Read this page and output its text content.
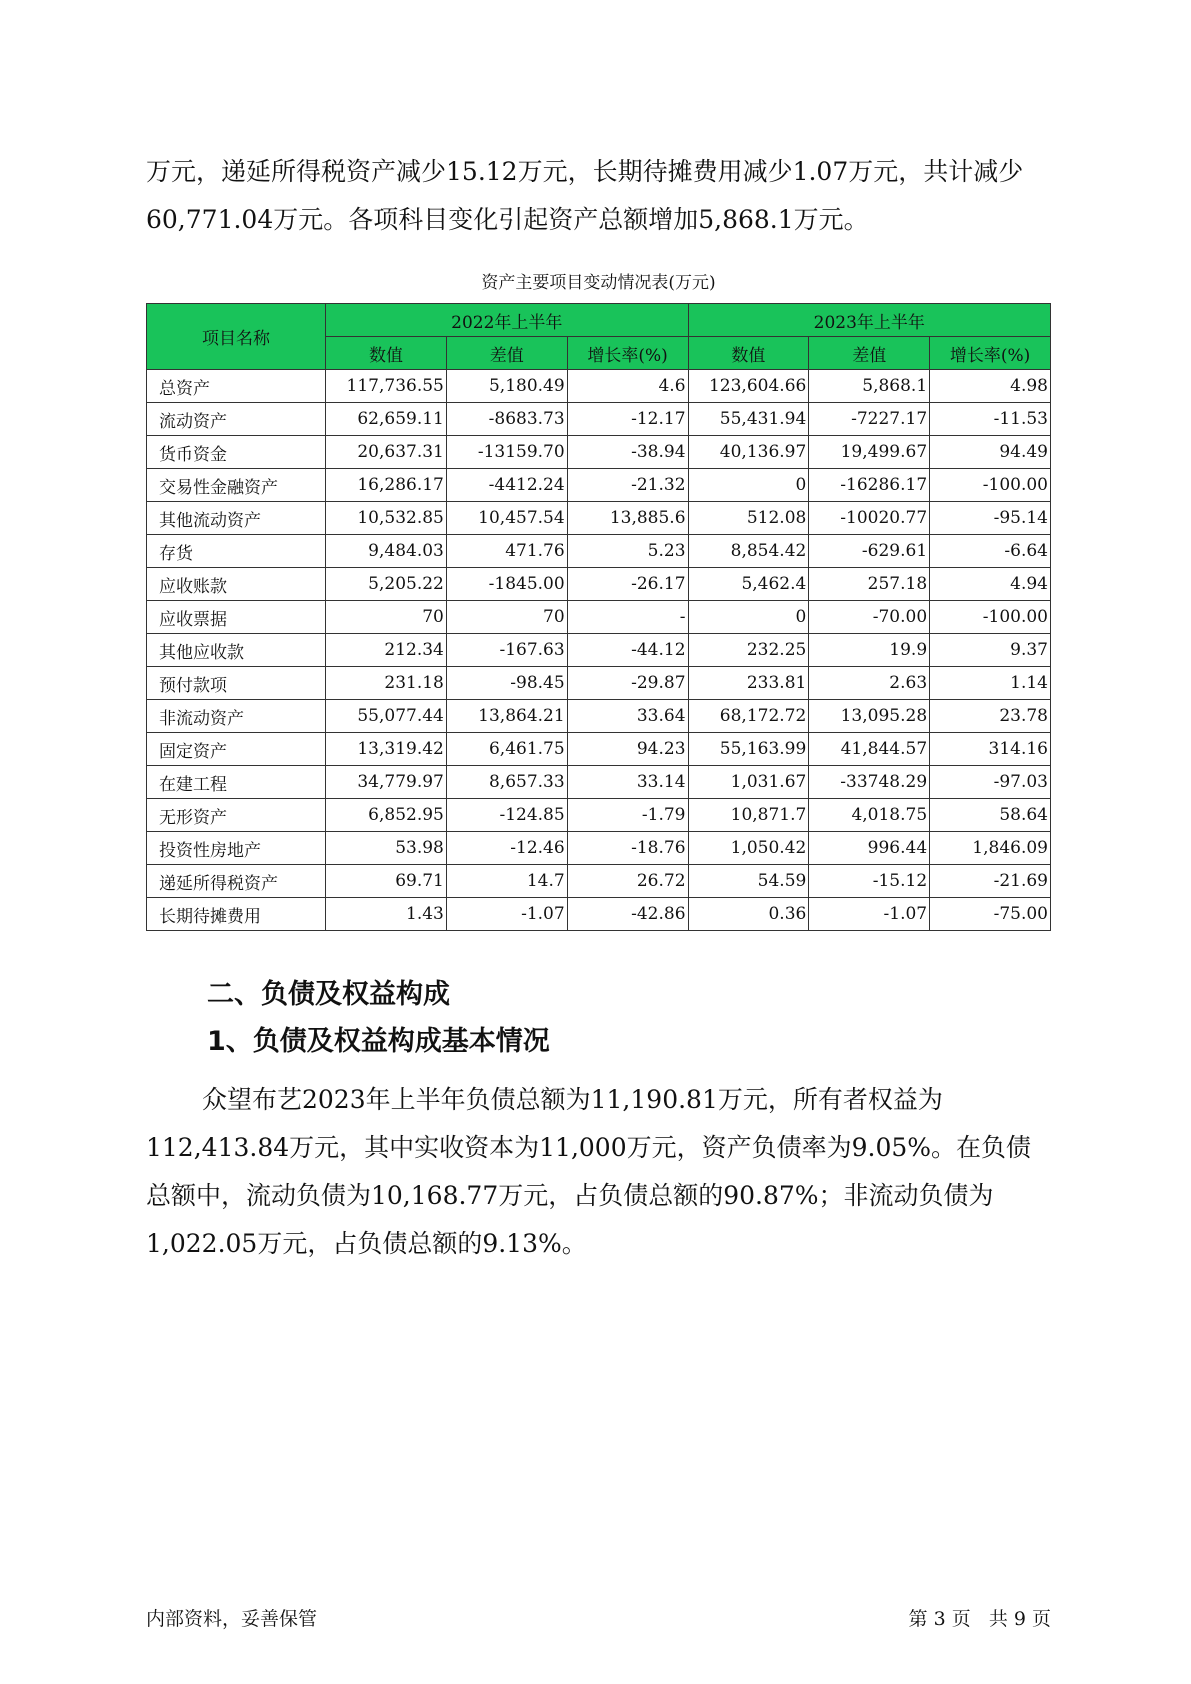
万元，递延所得税资产减少15.12万元，长期待摊费用减少1.07万元，共计减少60,771.04万元。各项科目变化引起资产总额增加5,868.1万元。

资产主要项目变动情况表(万元)
项目名称	2022年上半年			2023年上半年		
	数值	差值	增长率(%)	数值	差值	增长率(%)
总资产	117,736.55	5,180.49	4.6	123,604.66	5,868.1	4.98
流动资产	62,659.11	-8683.73	-12.17	55,431.94	-7227.17	-11.53
货币资金	20,637.31	-13159.70	-38.94	40,136.97	19,499.67	94.49
交易性金融资产	16,286.17	-4412.24	-21.32	0	-16286.17	-100.00
其他流动资产	10,532.85	10,457.54	13,885.6	512.08	-10020.77	-95.14
存货	9,484.03	471.76	5.23	8,854.42	-629.61	-6.64
应收账款	5,205.22	-1845.00	-26.17	5,462.4	257.18	4.94
应收票据	70	70	-	0	-70.00	-100.00
其他应收款	212.34	-167.63	-44.12	232.25	19.9	9.37
预付款项	231.18	-98.45	-29.87	233.81	2.63	1.14
非流动资产	55,077.44	13,864.21	33.64	68,172.72	13,095.28	23.78
固定资产	13,319.42	6,461.75	94.23	55,163.99	41,844.57	314.16
在建工程	34,779.97	8,657.33	33.14	1,031.67	-33748.29	-97.03
无形资产	6,852.95	-124.85	-1.79	10,871.7	4,018.75	58.64
投资性房地产	53.98	-12.46	-18.76	1,050.42	996.44	1,846.09
递延所得税资产	69.71	14.7	26.72	54.59	-15.12	-21.69
长期待摊费用	1.43	-1.07	-42.86	0.36	-1.07	-75.00
二、负债及权益构成
1、负债及权益构成基本情况

众望布艺2023年上半年负债总额为11,190.81万元，所有者权益为112,413.84万元，其中实收资本为11,000万元，资产负债率为9.05%。在负债总额中，流动负债为10,168.77万元，占负债总额的90.87%；非流动负债为1,022.05万元，占负债总额的9.13%。

内部资料，妥善保管	第 3 页   共 9 页
